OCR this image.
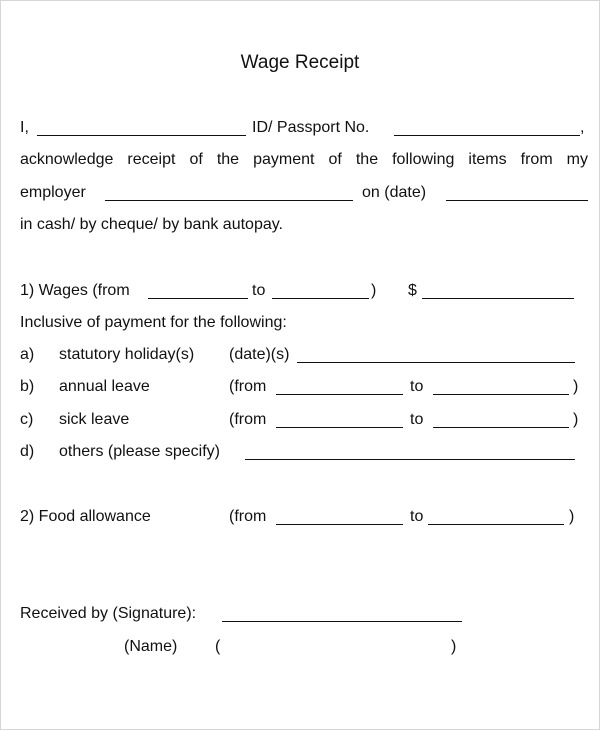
Wage Receipt
I,	ID/ Passport No.	,
acknowledge receipt of the payment of the following items from my
employer	on (date)
in cash/ by cheque/ by bank autopay.
1) Wages (from	to	) $
Inclusive of payment for the following:
a) statutory holiday(s) (date)(s)
b) annual leave	(from	to	)
c) sick leave	(from	to	)
d) others (please specify)
2) Food allowance	(from	to	)
Received by (Signature):
(Name) (	)
